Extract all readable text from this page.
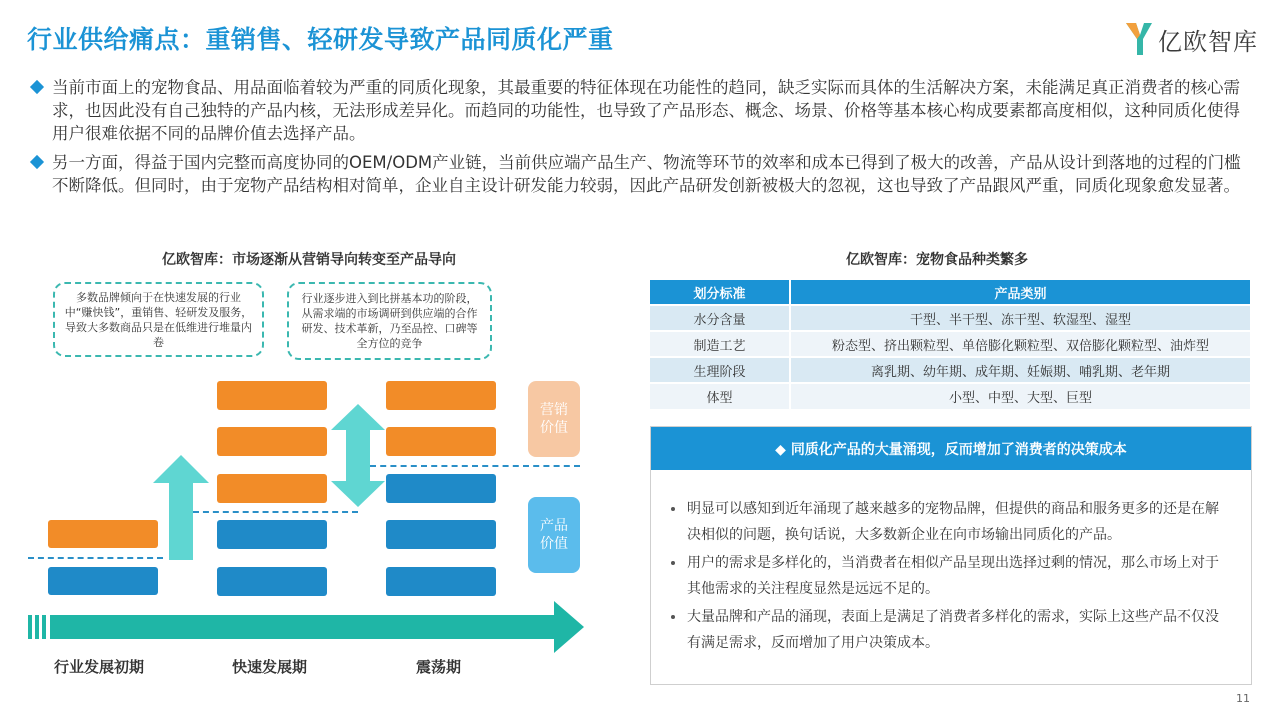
行业供给痛点：重销售、轻研发导致产品同质化严重	亿欧智库
当前市面上的宠物食品、用品面临着较为严重的同质化现象，其最重要的特征体现在功能性的趋同，缺乏实际而具体的生活解决方案，未能满足真正消费者的核心需求，也因此没有自己独特的产品内核，无法形成差异化。而趋同的功能性，也导致了产品形态、概念、场景、价格等基本核心构成要素都高度相似，这种同质化使得用户很难依据不同的品牌价值去选择产品。
另一方面，得益于国内完整而高度协同的OEM/ODM产业链，当前供应端产品生产、物流等环节的效率和成本已得到了极大的改善，产品从设计到落地的过程的门槛不断降低。但同时，由于宠物产品结构相对简单，企业自主设计研发能力较弱，因此产品研发创新被极大的忽视，这也导致了产品跟风严重，同质化现象愈发显著。
亿欧智库：市场逐渐从营销导向转变至产品导向
多数品牌倾向于在快速发展的行业中“赚快钱”，重销售、轻研发及服务，导致大多数商品只是在低维进行堆量内卷
行业逐步进入到比拼基本功的阶段，从需求端的市场调研到供应端的合作研发、技术革新，乃至品控、口碑等全方位的竞争
营销价值
产品价值
行业发展初期	快速发展期	震荡期
亿欧智库：宠物食品种类繁多
划分标准	产品类别
水分含量	干型、半干型、冻干型、软湿型、湿型
制造工艺	粉态型、挤出颗粒型、单倍膨化颗粒型、双倍膨化颗粒型、油炸型
生理阶段	离乳期、幼年期、成年期、妊娠期、哺乳期、老年期
体型	小型、中型、大型、巨型
◆ 同质化产品的大量涌现，反而增加了消费者的决策成本
明显可以感知到近年涌现了越来越多的宠物品牌，但提供的商品和服务更多的还是在解决相似的问题，换句话说，大多数新企业在向市场输出同质化的产品。
用户的需求是多样化的，当消费者在相似产品呈现出选择过剩的情况，那么市场上对于其他需求的关注程度显然是远远不足的。
大量品牌和产品的涌现，表面上是满足了消费者多样化的需求，实际上这些产品不仅没有满足需求，反而增加了用户决策成本。
11
